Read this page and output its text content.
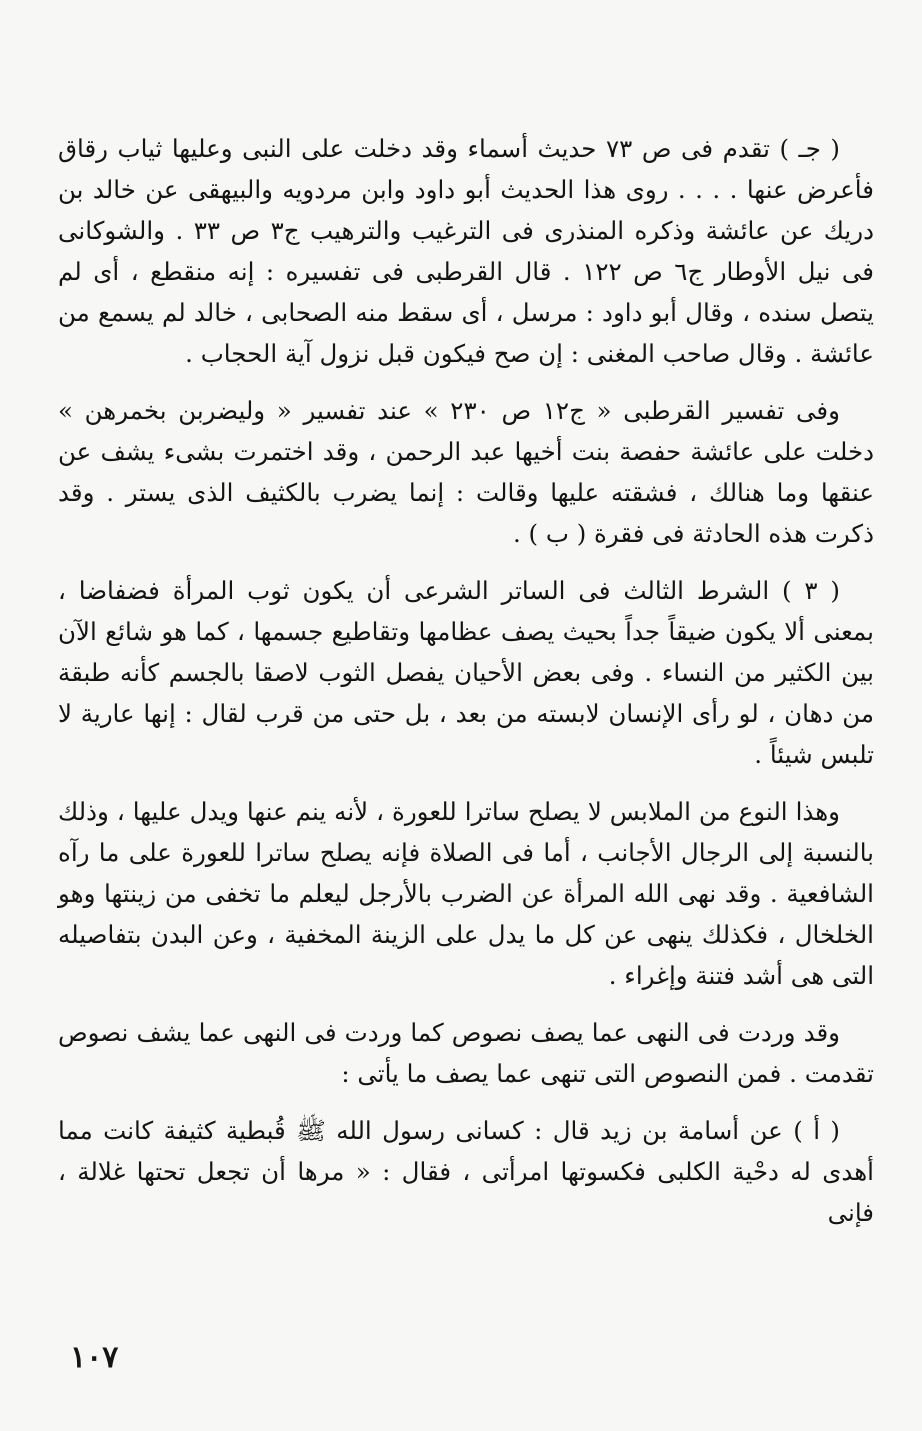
( جـ ) تقدم فى ص ٧٣ حديث أسماء وقد دخلت على النبى وعليها ثياب رقاق فأعرض عنها . . . . روى هذا الحديث أبو داود وابن مردويه والبيهقى عن خالد بن دريك عن عائشة وذكره المنذرى فى الترغيب والترهيب ج٣ ص ٣٣ . والشوكانى فى نيل الأوطار ج٦ ص ١٢٢ . قال القرطبى فى تفسيره : إنه منقطع ، أى لم يتصل سنده ، وقال أبو داود : مرسل ، أى سقط منه الصحابى ، خالد لم يسمع من عائشة . وقال صاحب المغنى : إن صح فيكون قبل نزول آية الحجاب .

وفى تفسير القرطبى « ج١٢ ص ٢٣٠ » عند تفسير « وليضربن بخمرهن » دخلت على عائشة حفصة بنت أخيها عبد الرحمن ، وقد اختمرت بشىء يشف عن عنقها وما هنالك ، فشقته عليها وقالت : إنما يضرب بالكثيف الذى يستر . وقد ذكرت هذه الحادثة فى فقرة ( ب ) .

( ٣ ) الشرط الثالث فى الساتر الشرعى أن يكون ثوب المرأة فضفاضا ، بمعنى ألا يكون ضيقاً جداً بحيث يصف عظامها وتقاطيع جسمها ، كما هو شائع الآن بين الكثير من النساء . وفى بعض الأحيان يفصل الثوب لاصقا بالجسم كأنه طبقة من دهان ، لو رأى الإنسان لابسته من بعد ، بل حتى من قرب لقال : إنها عارية لا تلبس شيئاً .

وهذا النوع من الملابس لا يصلح ساترا للعورة ، لأنه ينم عنها ويدل عليها ، وذلك بالنسبة إلى الرجال الأجانب ، أما فى الصلاة فإنه يصلح ساترا للعورة على ما رآه الشافعية . وقد نهى الله المرأة عن الضرب بالأرجل ليعلم ما تخفى من زينتها وهو الخلخال ، فكذلك ينهى عن كل ما يدل على الزينة المخفية ، وعن البدن بتفاصيله التى هى أشد فتنة وإغراء .

وقد وردت فى النهى عما يصف نصوص كما وردت فى النهى عما يشف نصوص تقدمت . فمن النصوص التى تنهى عما يصف ما يأتى :

( أ ) عن أسامة بن زيد قال : كسانى رسول الله ﷺ قُبطية كثيفة كانت مما أهدى له دحْية الكلبى فكسوتها امرأتى ، فقال : « مرها أن تجعل تحتها غلالة ، فإنى

١٠٧
